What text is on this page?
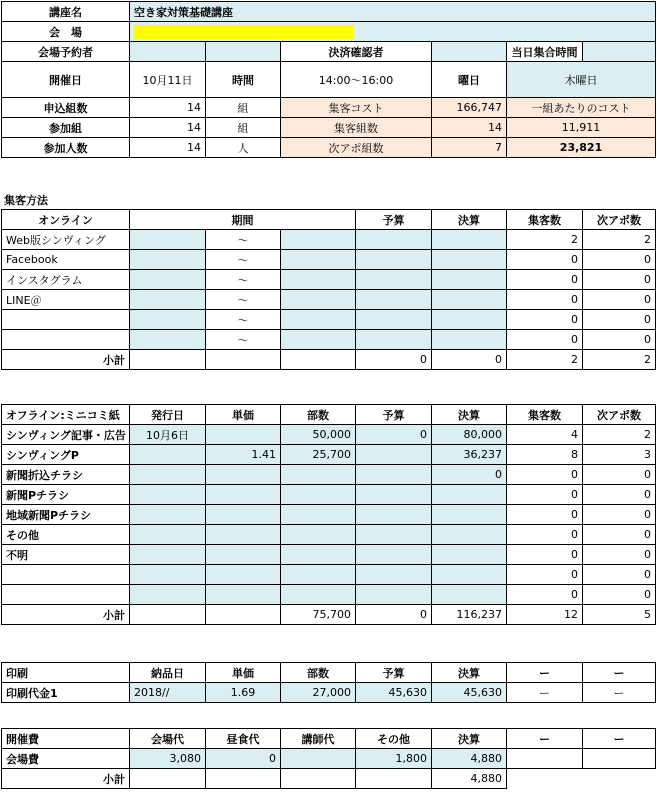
講座名	空き家対策基礎講座					
会　場	

会場予約者			決済確認者		当日集合時間	
開催日	10月11日	時間	14:00～16:00	曜日	木曜日	
申込組数	14	組	集客コスト	166,747	一組あたりのコスト	
参加組	14	組	集客組数	14	11,911	
参加人数	14	人	次アポ組数	7	23,821	
集客方法
オンライン	期間			予算	決算	集客数	次アポ数
Web版シンヴィング		～				2	2
Facebook		～				0	0
インスタグラム		～				0	0
LINE＠		～				0	0
		～				0	0
		～				0	0
小計				0	0	2	2
オフライン:ミニコミ紙	発行日	単価	部数	予算	決算	集客数	次アポ数
シンヴィング記事・広告	10月6日		50,000	0	80,000	4	2
シンヴィングP		1.41	25,700		36,237	8	3
新聞折込チラシ					0	0	0
新聞Pチラシ						0	0
地域新聞Pチラシ						0	0
その他						0	0
不明						0	0
						0	0
						0	0
小計			75,700	0	116,237	12	5
印刷	納品日	単価	部数	予算	決算	ー	ー
印刷代金1	2018//	1.69	27,000	45,630	45,630	ー	ー
開催費	会場代	昼食代	講師代	その他	決算	ー	ー
会場費	3,080	0		1,800	4,880		
小計					4,880		
